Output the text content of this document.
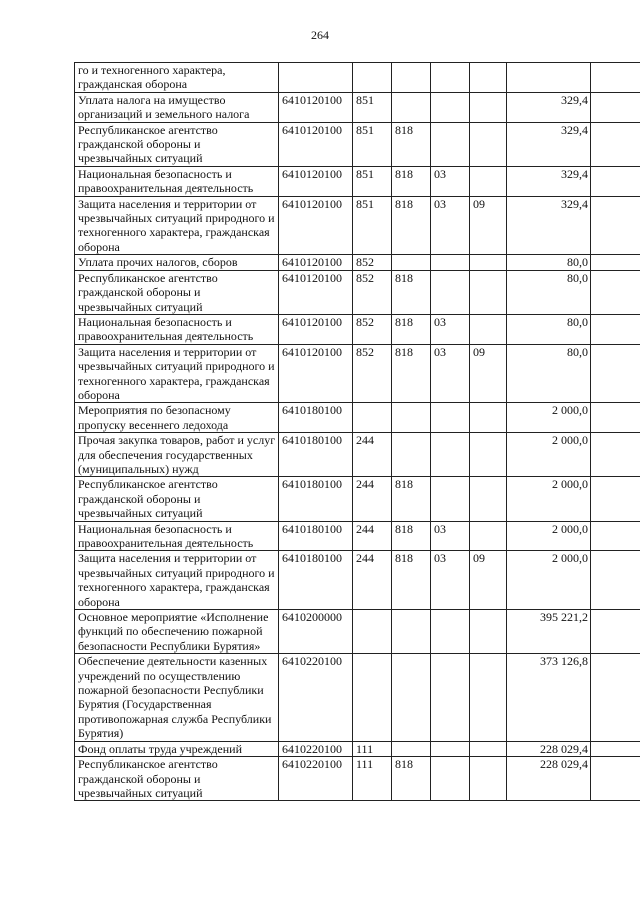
264
го и техногенного характера, гражданская оборона							
Уплата налога на имущество организаций и земельного налога	6410120100	851				329,4	
Республиканское агентство гражданской обороны и чрезвычайных ситуаций	6410120100	851	818			329,4	
Национальная безопасность и правоохранительная деятельность	6410120100	851	818	03		329,4	
Защита населения и территории от чрезвычайных ситуаций природного и техногенного характера, гражданская оборона	6410120100	851	818	03	09	329,4	
Уплата прочих налогов, сборов	6410120100	852				80,0	
Республиканское агентство гражданской обороны и чрезвычайных ситуаций	6410120100	852	818			80,0	
Национальная безопасность и правоохранительная деятельность	6410120100	852	818	03		80,0	
Защита населения и территории от чрезвычайных ситуаций природного и техногенного характера, гражданская оборона	6410120100	852	818	03	09	80,0	
Мероприятия по безопасному пропуску весеннего ледохода	6410180100					2 000,0	
Прочая закупка товаров, работ и услуг для обеспечения государственных (муниципальных) нужд	6410180100	244				2 000,0	
Республиканское агентство гражданской обороны и чрезвычайных ситуаций	6410180100	244	818			2 000,0	
Национальная безопасность и правоохранительная деятельность	6410180100	244	818	03		2 000,0	
Защита населения и территории от чрезвычайных ситуаций природного и техногенного характера, гражданская оборона	6410180100	244	818	03	09	2 000,0	
Основное мероприятие «Исполнение функций по обеспечению пожарной безопасности Республики Бурятия»	6410200000					395 221,2	
Обеспечение деятельности казенных учреждений по осуществлению пожарной безопасности Республики Бурятия (Государственная противопожарная служба Республики Бурятия)	6410220100					373 126,8	
Фонд оплаты труда учреждений	6410220100	111				228 029,4	
Республиканское агентство гражданской обороны и чрезвычайных ситуаций	6410220100	111	818			228 029,4	
